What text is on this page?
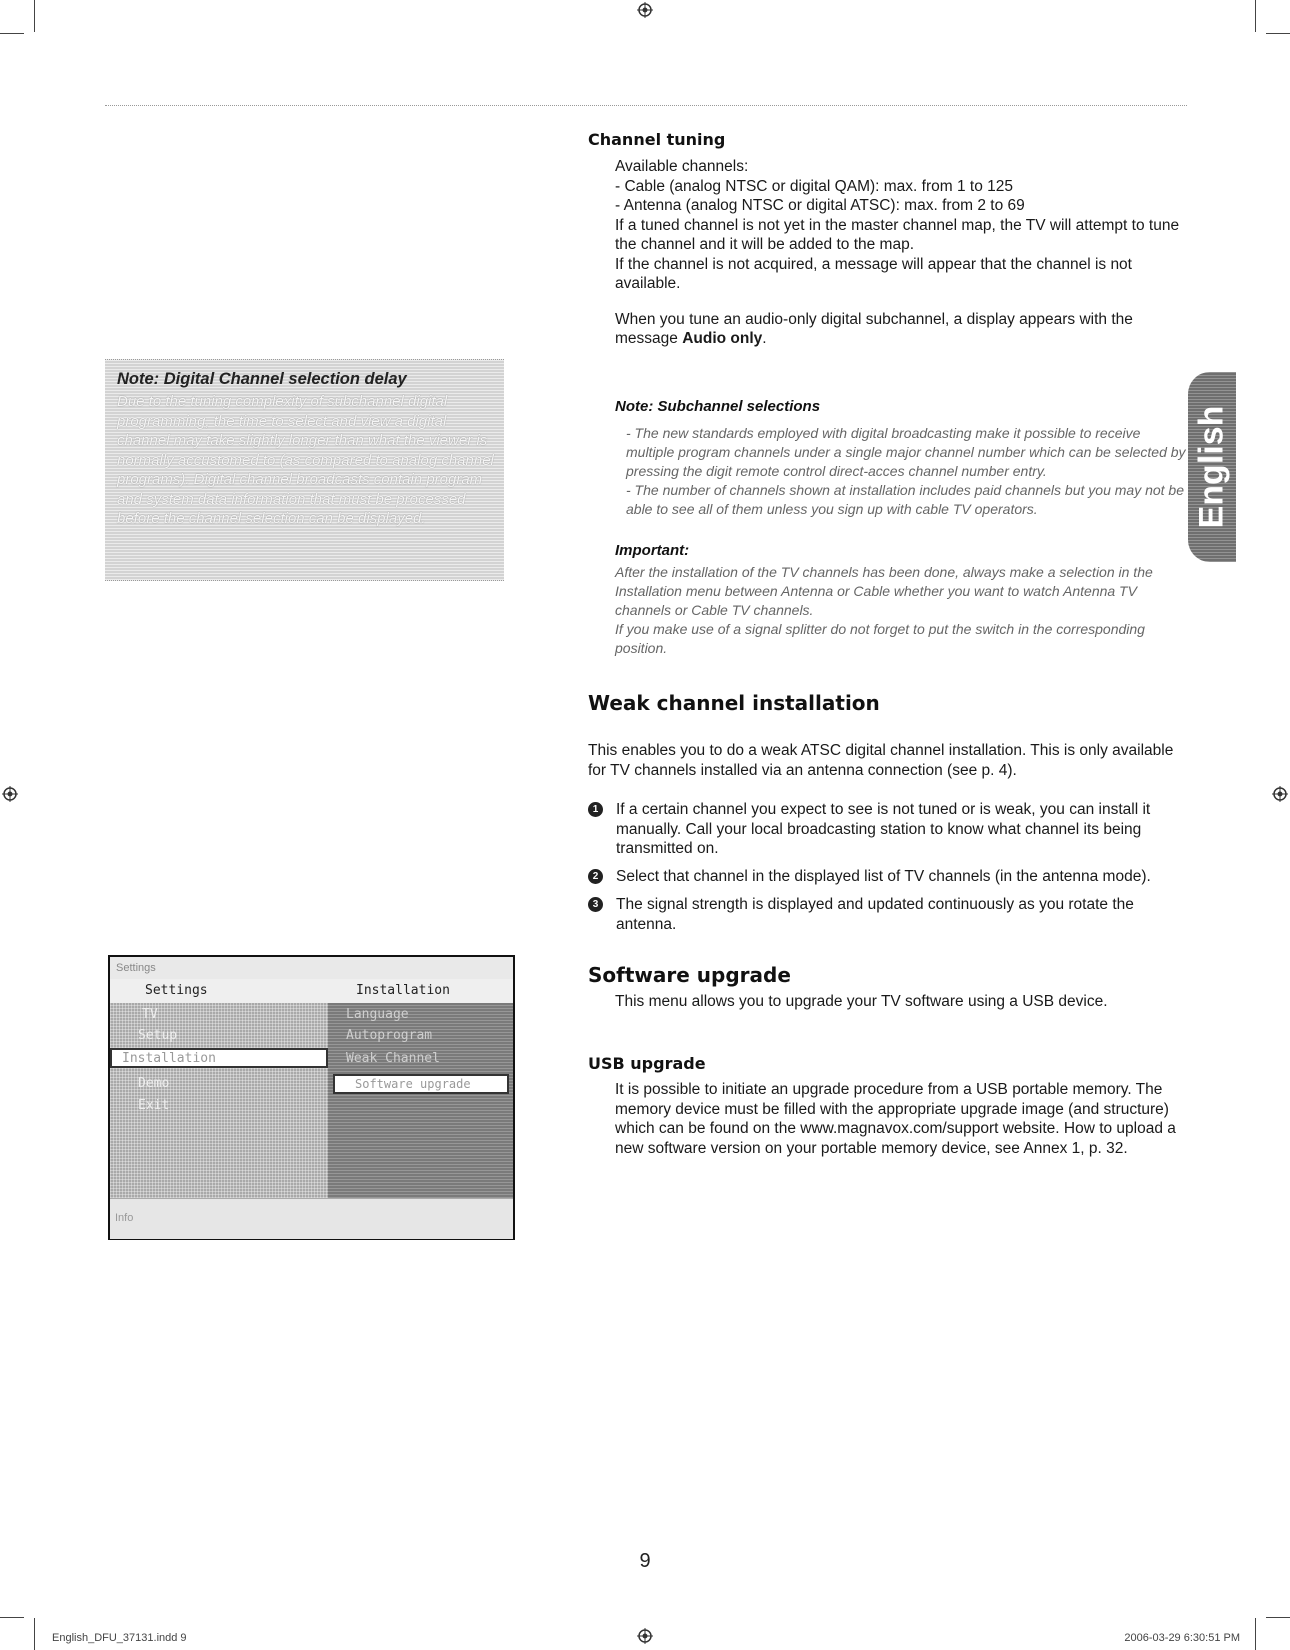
Note: Digital Channel selection delay
Due to the tuning complexity of subchannel digital programming, the time to select and view a digital channel may take slightly longer than what the viewer is normally accustomed to (as compared to analog channel programs). Digital channel broadcasts contain program and system data information that must be processed before the channel selection can be displayed.
Settings
Settings	Installation
TV
Setup
Installation
Demo
Exit
Language
Autoprogram
Weak Channel
Software upgrade
Info
Channel tuning

Available channels:

- Cable (analog NTSC or digital QAM): max. from 1 to 125

- Antenna (analog NTSC or digital ATSC): max. from 2 to 69

If a tuned channel is not yet in the master channel map, the TV will attempt to tune the channel and it will be added to the map.

If the channel is not acquired, a message will appear that the channel is not available.

When you tune an audio-only digital subchannel, a display appears with the message Audio only.

Note: Subchannel selections

- The new standards employed with digital broadcasting make it possible to receive multiple program channels under a single major channel number which can be selected by pressing the digit remote control direct-acces channel number entry.

- The number of channels shown at installation includes paid channels but you may not be able to see all of them unless you sign up with cable TV operators.

Important:

After the installation of the TV channels has been done, always make a selection in the Installation menu between Antenna or Cable whether you want to watch Antenna TV channels or Cable TV channels.

If you make use of a signal splitter do not forget to put the switch in the corresponding position.

Weak channel installation

This enables you to do a weak ATSC digital channel installation. This is only available for TV channels installed via an antenna connection (see p. 4).

1	If a certain channel you expect to see is not tuned or is weak, you can install it manually. Call your local broadcasting station to know what channel its being transmitted on.

2	Select that channel in the displayed list of TV channels (in the antenna mode).

3	The signal strength is displayed and updated continuously as you rotate the antenna.

Software upgrade

This menu allows you to upgrade your TV software using a USB device.

USB upgrade

It is possible to initiate an upgrade procedure from a USB portable memory. The memory device must be filled with the appropriate upgrade image (and structure) which can be found on the www.magnavox.com/support website. How to upload a new software version on your portable memory device, see Annex 1, p. 32.

English
9
English_DFU_37131.indd 9	2006-03-29 6:30:51 PM
